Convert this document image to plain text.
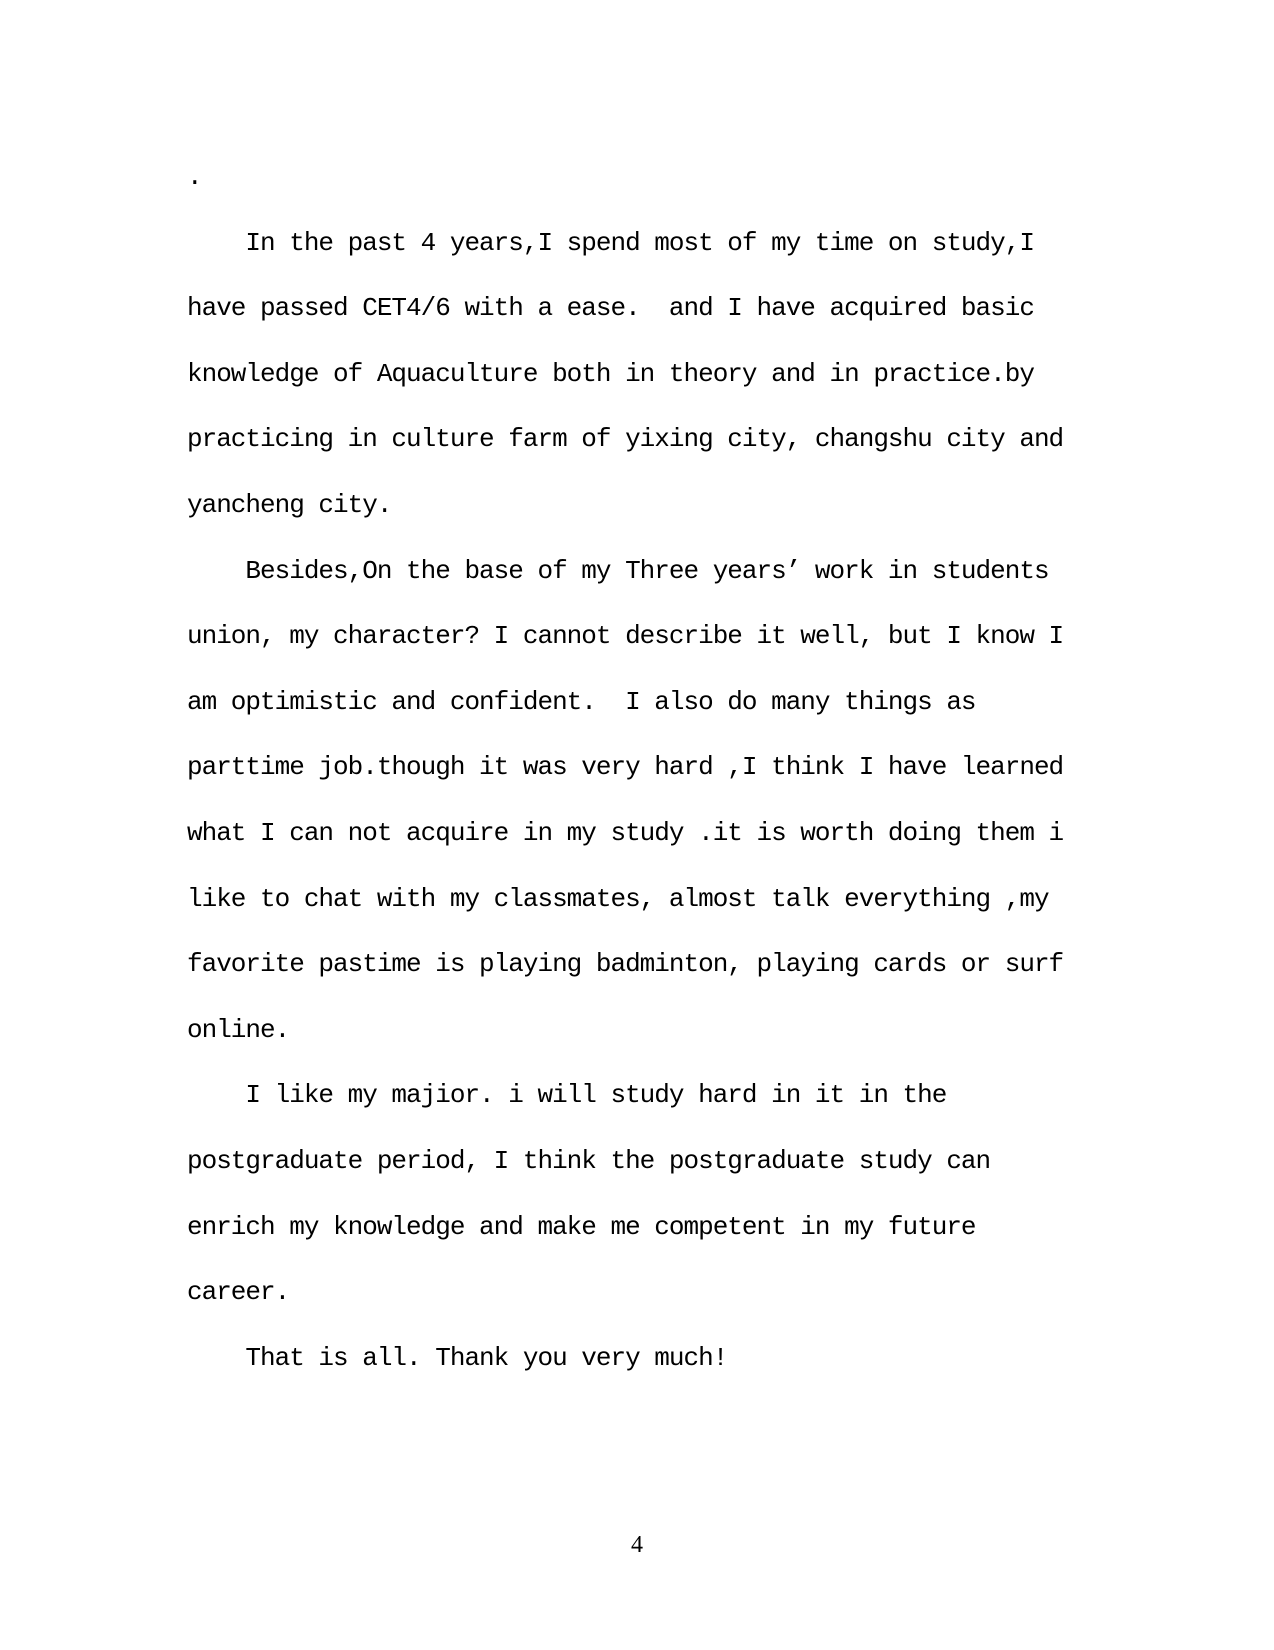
.
In the past 4 years,I spend most of my time on study,I
have passed CET4/6 with a ease.  and I have acquired basic
knowledge of Aquaculture both in theory and in practice.by
practicing in culture farm of yixing city, changshu city and
yancheng city.
Besides,On the base of my Three years’ work in students
union, my character? I cannot describe it well, but I know I
am optimistic and confident.  I also do many things as
parttime job.though it was very hard ,I think I have learned
what I can not acquire in my study .it is worth doing them i
like to chat with my classmates, almost talk everything ,my
favorite pastime is playing badminton, playing cards or surf
online.
I like my majior. i will study hard in it in the
postgraduate period, I think the postgraduate study can
enrich my knowledge and make me competent in my future
career.
That is all. Thank you very much!
4
